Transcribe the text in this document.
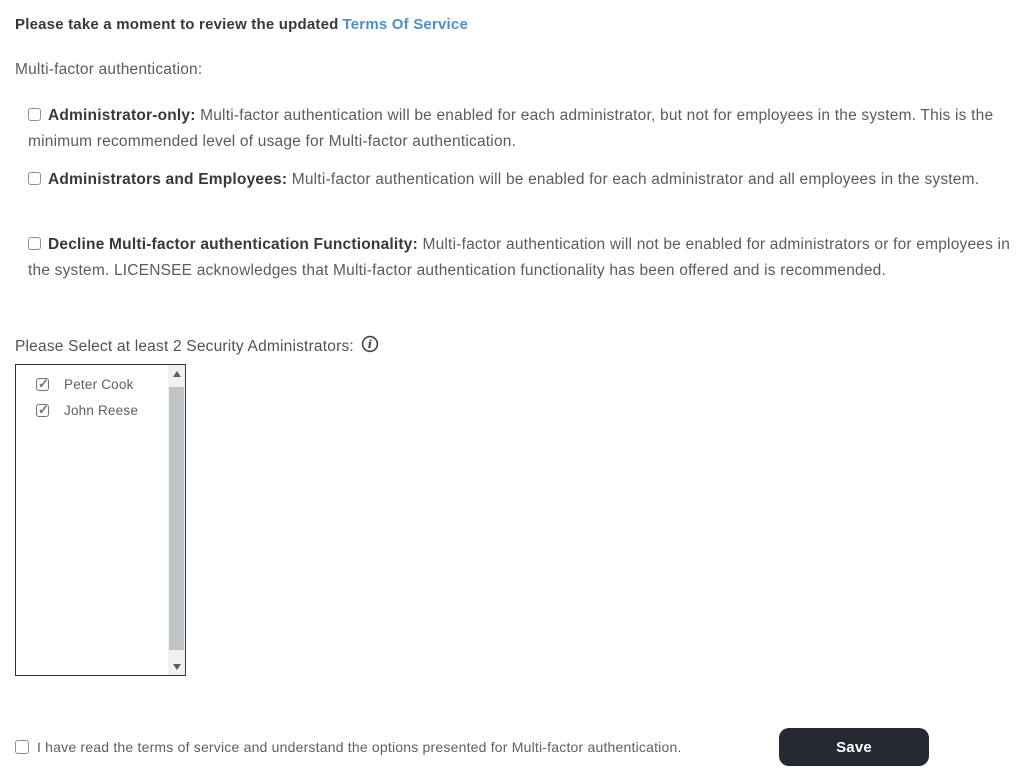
Please take a moment to review the updated Terms Of Service
Multi-factor authentication:

Administrator-only: Multi-factor authentication will be enabled for each administrator, but not for employees in the system. This is the minimum recommended level of usage for Multi-factor authentication.

Administrators and Employees: Multi-factor authentication will be enabled for each administrator and all employees in the system.

Decline Multi-factor authentication Functionality: Multi-factor authentication will not be enabled for administrators or for employees in the system. LICENSEE acknowledges that Multi-factor authentication functionality has been offered and is recommended.

Please Select at least 2 Security Administrators: i
✓ Peter Cook
✓ John Reese
I have read the terms of service and understand the options presented for Multi-factor authentication.	Save
